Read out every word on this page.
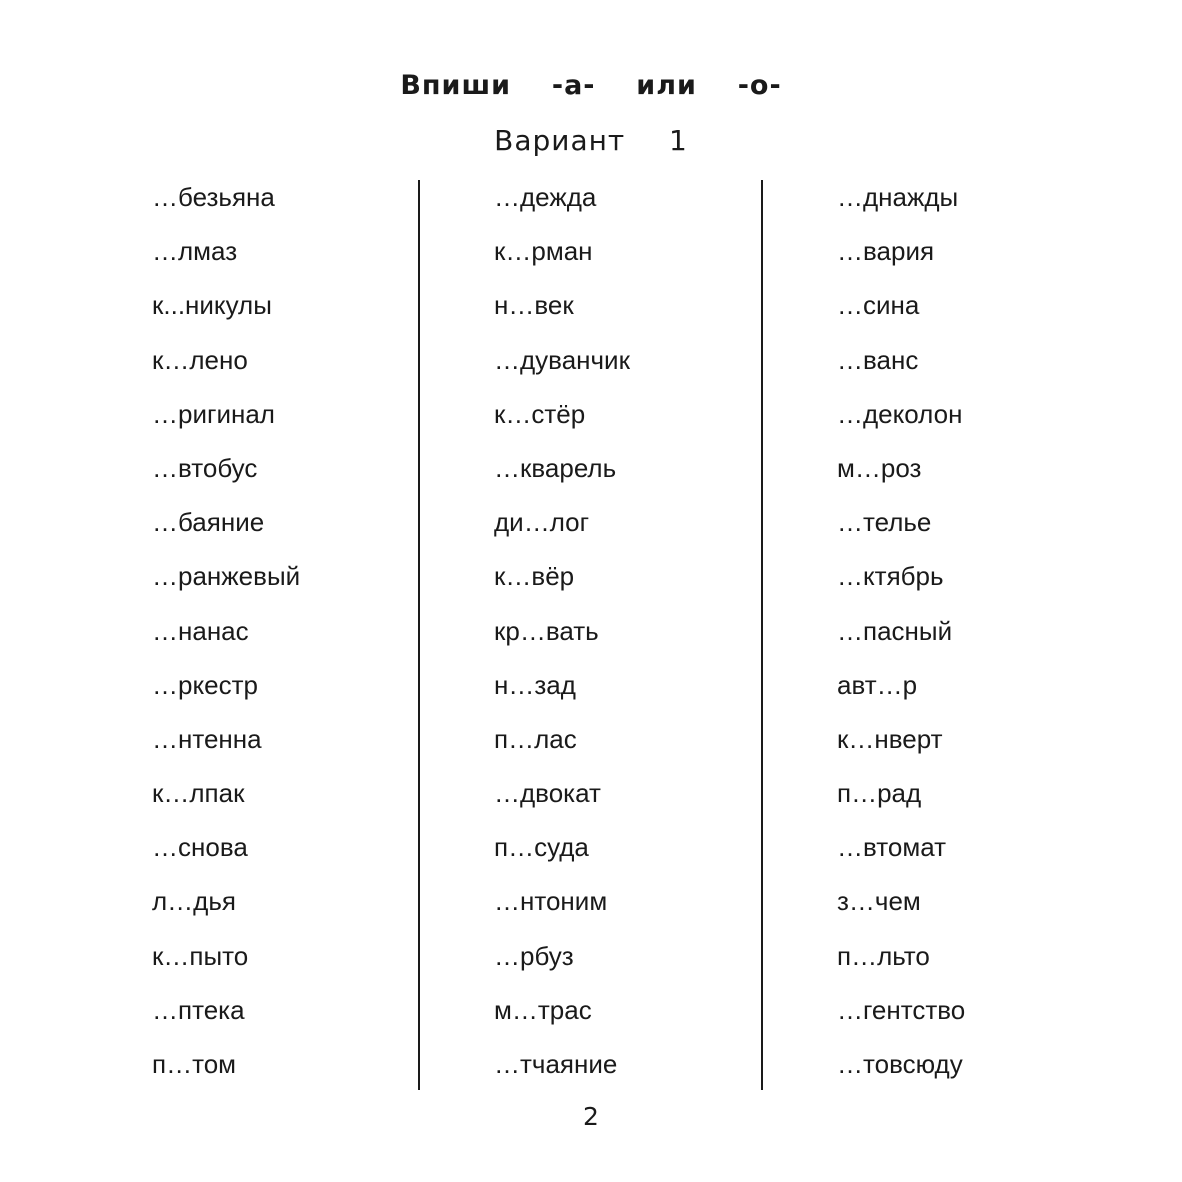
Впиши  -а-  или  -о-
Вариант  1
…безьяна
…лмаз
к...никулы
к…лено
…ригинал
…втобус
…баяние
…ранжевый
…нанас
…ркестр
…нтенна
к…лпак
…снова
л…дья
к…пыто
…птека
п…том
…дежда
к…рман
н…век
…дуванчик
к…стёр
…кварель
ди…лог
к…вёр
кр…вать
н…зад
п…лас
…двокат
п…суда
…нтоним
…рбуз
м…трас
…тчаяние
…днажды
…вария
…сина
…ванс
…деколон
м…роз
…телье
…ктябрь
…пасный
авт…р
к…нверт
п…рад
…втомат
з…чем
п…льто
…гентство
…товсюду
2
